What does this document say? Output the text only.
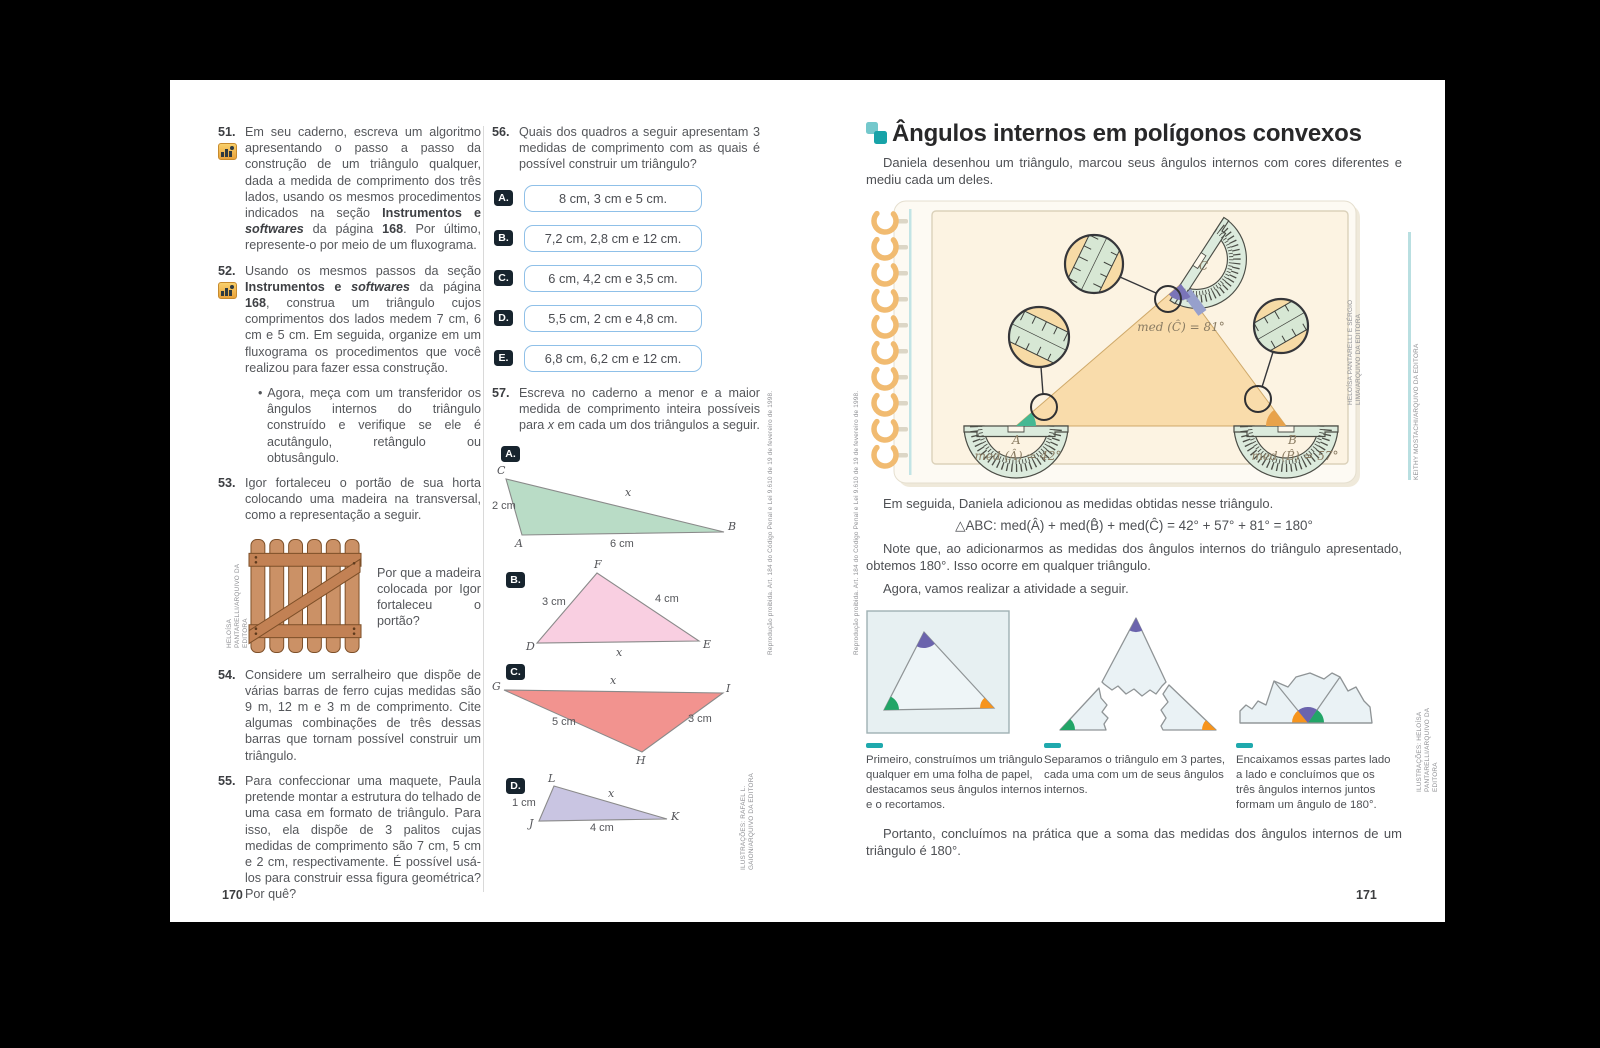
51. Em seu caderno, escreva um algoritmo apresentando o passo a passo da construção de um triângulo qualquer, dada a medida de comprimento dos três lados, usando os mesmos procedimentos indicados na seção Instrumentos e softwares da página 168. Por último, represente-o por meio de um fluxograma.

52. Usando os mesmos passos da seção Instrumentos e softwares da página 168, construa um triângulo cujos comprimentos dos lados medem 7 cm, 6 cm e 5 cm. Em seguida, organize em um fluxograma os procedimentos que você realizou para fazer essa construção.

• Agora, meça com um transferidor os ângulos internos do triângulo construído e verifique se ele é acutângulo, retângulo ou obtusângulo.

53. Igor fortaleceu o portão de sua horta colocando uma madeira na transversal, como a representação a seguir.

Por que a madeira colocada por Igor fortaleceu o portão?

54. Considere um serralheiro que dispõe de várias barras de ferro cujas medidas são 9 m, 12 m e 3 m de comprimento. Cite algumas combinações de três dessas barras que tornam possível construir um triângulo.

55. Para confeccionar uma maquete, Paula pretende montar a estrutura do telhado de uma casa em formato de triângulo. Para isso, ela dispõe de 3 palitos cujas medidas de comprimento são 7 cm, 5 cm e 2 cm, respectivamente. É possível usá-los para construir essa figura geométrica? Por quê?

56. Quais dos quadros a seguir apresentam 3 medidas de comprimento com as quais é possível construir um triângulo?

A.	8 cm, 3 cm e 5 cm.
B.	7,2 cm, 2,8 cm e 12 cm.
C.	6 cm, 4,2 cm e 3,5 cm.
D.	5,5 cm, 2 cm e 4,8 cm.
E.	6,8 cm, 6,2 cm e 12 cm.
57. Escreva no caderno a menor e a maior medida de comprimento inteira possíveis para x em cada um dos triângulos a seguir.

A.
C
2 cm
A	6 cm
B
x
B.
F
3 cm	4 cm
D	E
x
C.
G	x
I
5 cm	3 cm
H
D.
L
1 cm
x
J	4 cm
K
Ângulos internos em polígonos convexos

Daniela desenhou um triângulo, marcou seus ângulos internos com cores diferentes e mediu cada um deles.

A	B
C
med (Â) = 42°	med (B̂) = 57°
med (Ĉ) = 81°

Em seguida, Daniela adicionou as medidas obtidas nesse triângulo.

△ABC: med(Â) + med(B̂) + med(Ĉ) = 42° + 57° + 81° = 180°

Note que, ao adicionarmos as medidas dos ângulos internos do triângulo apresentado, obtemos 180°. Isso ocorre em qualquer triângulo.

Agora, vamos realizar a atividade a seguir.

Primeiro, construímos um triângulo qualquer em uma folha de papel, destacamos seus ângulos internos e o recortamos.

Separamos o triângulo em 3 partes, cada uma com um de seus ângulos internos.

Encaixamos essas partes lado a lado e concluímos que os três ângulos internos juntos formam um ângulo de 180°.

Portanto, concluímos na prática que a soma das medidas dos ângulos internos de um triângulo é 180°.

HELOÍSA PANTARELLI/ARQUIVO DA EDITORA
ILUSTRAÇÕES: RAFAEL L. GAION/ARQUIVO DA EDITORA
Reprodução proibida. Art. 184 do Código Penal e Lei 9.610 de 19 de fevereiro de 1998.	Reprodução proibida. Art. 184 do Código Penal e Lei 9.610 de 19 de fevereiro de 1998.
HELOÍSA PANTARELLI E SÉRGIO LIMA/ARQUIVO DA EDITORA	KEITHY MOSTACHI/ARQUIVO DA EDITORA
ILUSTRAÇÕES: HELOÍSA PANTARELLI/ARQUIVO DA EDITORA
170	171
